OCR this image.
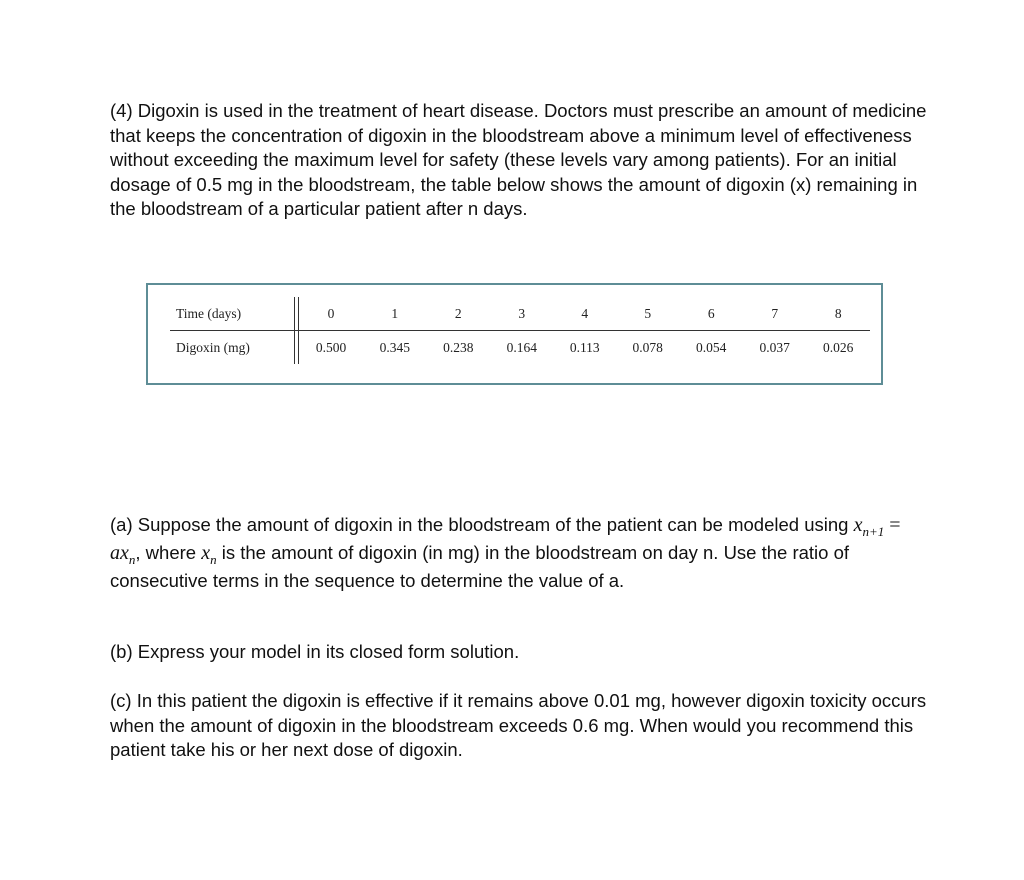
(4) Digoxin is used in the treatment of heart disease. Doctors must prescribe an amount of medicine that keeps the concentration of digoxin in the bloodstream above a minimum level of effectiveness without exceeding the maximum level for safety (these levels vary among patients). For an initial dosage of 0.5 mg in the bloodstream, the table below shows the amount of digoxin (x) remaining in the bloodstream of a particular patient after n days.

Time (days)		0	1	2	3	4	5	6	7	8
Digoxin (mg)		0.500	0.345	0.238	0.164	0.113	0.078	0.054	0.037	0.026

(a) Suppose the amount of digoxin in the bloodstream of the patient can be modeled using $x_{n+1} = ax_n$, where $x_n$ is the amount of digoxin (in mg) in the bloodstream on day n. Use the ratio of consecutive terms in the sequence to determine the value of a.

(b) Express your model in its closed form solution.

(c) In this patient the digoxin is effective if it remains above 0.01 mg, however digoxin toxicity occurs when the amount of digoxin in the bloodstream exceeds 0.6 mg. When would you recommend this patient take his or her next dose of digoxin.
